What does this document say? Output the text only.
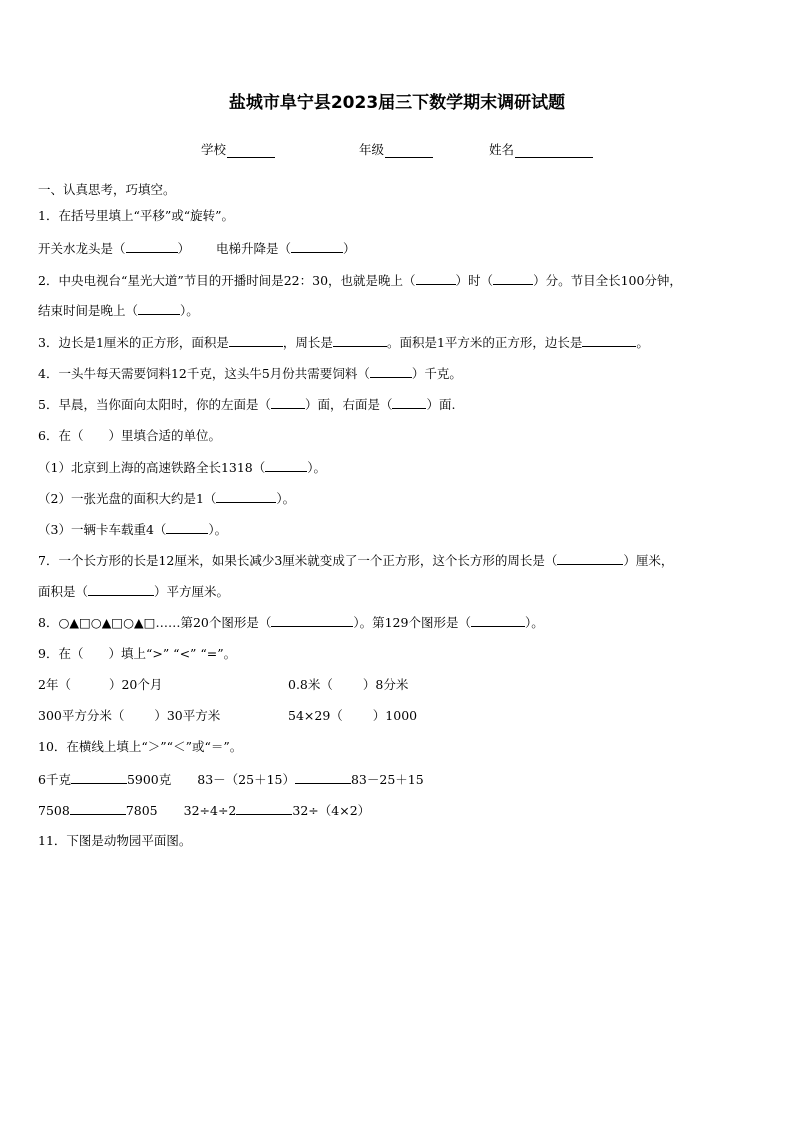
盐城市阜宁县2023届三下数学期末调研试题
学校	年级	姓名
一、认真思考，巧填空。
1．在括号里填上“平移”或“旋转”。
开关水龙头是（	） 电梯升降是（	）
2．中央电视台“星光大道”节目的开播时间是22：30，也就是晚上（	）时（	）分。节目全长100分钟，
结束时间是晚上（	）。
3．边长是1厘米的正方形，面积是	，周长是	。面积是1平方米的正方形，边长是	。
4．一头牛每天需要饲料12千克，这头牛5月份共需要饲料（	）千克。
5．早晨，当你面向太阳时，你的左面是（	）面，右面是（	）面.
6．在（　　）里填合适的单位。
（1）北京到上海的高速铁路全长1318（	）。
（2）一张光盘的面积大约是1（	）。
（3）一辆卡车载重4（	）。
7．一个长方形的长是12厘米，如果长减少3厘米就变成了一个正方形，这个长方形的周长是（	）厘米，
面积是（	）平方厘米。
8．○▲□○▲□○▲□……第20个图形是（	）。第129个图形是（	）。
9．在（　　）填上“>” “<” “=”。
2年（	）20个月	0.8米（ ）8分米
300平方分米（ ）30平方米	54×29（ ）1000
10．在横线上填上“＞”“＜”或“＝”。
6千克	5900克 83－（25＋15）	83－25＋15
7508	7805 32÷4÷2	32÷（4×2）
11．下图是动物园平面图。
